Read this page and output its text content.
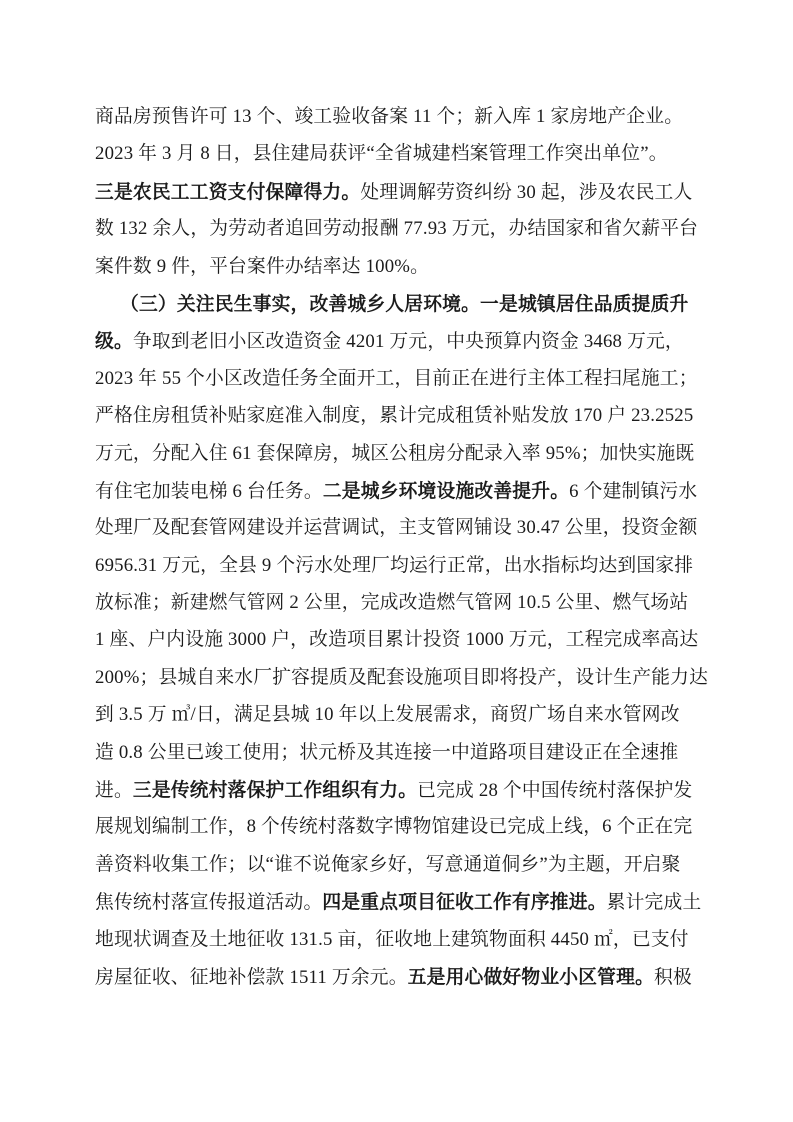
商品房预售许可 13 个、竣工验收备案 11 个；新入库 1 家房地产企业。
2023 年 3 月 8 日，县住建局获评“全省城建档案管理工作突出单位”。
三是农民工工资支付保障得力。处理调解劳资纠纷 30 起，涉及农民工人
数 132 余人，为劳动者追回劳动报酬 77.93 万元，办结国家和省欠薪平台
案件数 9 件，平台案件办结率达 100%。
（三）关注民生事实，改善城乡人居环境。一是城镇居住品质提质升
级。争取到老旧小区改造资金 4201 万元，中央预算内资金 3468 万元，
2023 年 55 个小区改造任务全面开工，目前正在进行主体工程扫尾施工；
严格住房租赁补贴家庭准入制度，累计完成租赁补贴发放 170 户 23.2525
万元，分配入住 61 套保障房，城区公租房分配录入率 95%；加快实施既
有住宅加装电梯 6 台任务。二是城乡环境设施改善提升。6 个建制镇污水
处理厂及配套管网建设并运营调试，主支管网铺设 30.47 公里，投资金额
6956.31 万元，全县 9 个污水处理厂均运行正常，出水指标均达到国家排
放标准；新建燃气管网 2 公里，完成改造燃气管网 10.5 公里、燃气场站
1 座、户内设施 3000 户，改造项目累计投资 1000 万元，工程完成率高达
200%；县城自来水厂扩容提质及配套设施项目即将投产，设计生产能力达
到 3.5 万 ㎥/日，满足县城 10 年以上发展需求，商贸广场自来水管网改
造 0.8 公里已竣工使用；状元桥及其连接一中道路项目建设正在全速推
进。三是传统村落保护工作组织有力。已完成 28 个中国传统村落保护发
展规划编制工作，8 个传统村落数字博物馆建设已完成上线，6 个正在完
善资料收集工作；以“谁不说俺家乡好，写意通道侗乡”为主题，开启聚
焦传统村落宣传报道活动。四是重点项目征收工作有序推进。累计完成土
地现状调查及土地征收 131.5 亩，征收地上建筑物面积 4450 ㎡，已支付
房屋征收、征地补偿款 1511 万余元。五是用心做好物业小区管理。积极
